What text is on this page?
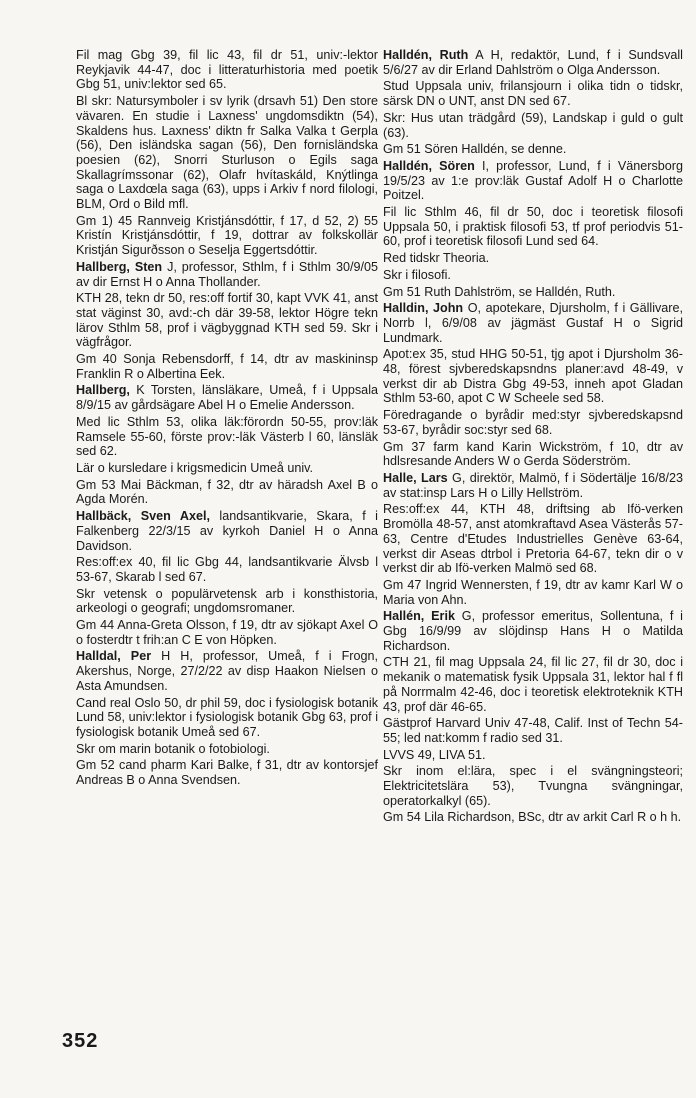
Fil mag Gbg 39, fil lic 43, fil dr 51, univ:-lektor Reykjavik 44-47, doc i litteraturhistoria med poetik Gbg 51, univ:lektor sed 65.

Bl skr: Natursymboler i sv lyrik (drsavh 51) Den store vävaren. En studie i Laxness' ungdomsdiktn (54), Skaldens hus. Laxness' diktn fr Salka Valka t Gerpla (56), Den isländska sagan (56), Den fornisländska poesien (62), Snorri Sturluson o Egils saga Skallagrímssonar (62), Olafr hvítaskáld, Knýtlinga saga o Laxdœla saga (63), upps i Arkiv f nord filologi, BLM, Ord o Bild mfl.

Gm 1) 45 Rannveig Kristjánsdóttir, f 17, d 52, 2) 55 Kristín Kristjánsdóttir, f 19, dottrar av folkskollär Kristján Sigurðsson o Seselja Eggertsdóttir.

Hallberg, Sten J, professor, Sthlm, f i Sthlm 30/9/05 av dir Ernst H o Anna Thollander.

KTH 28, tekn dr 50, res:off fortif 30, kapt VVK 41, anst stat väginst 30, avd:-ch där 39-58, lektor Högre tekn lärov Sthlm 58, prof i vägbyggnad KTH sed 59. Skr i vägfrågor.

Gm 40 Sonja Rebensdorff, f 14, dtr av maskininsp Franklin R o Albertina Eek.

Hallberg, K Torsten, länsläkare, Umeå, f i Uppsala 8/9/15 av gårdsägare Abel H o Emelie Andersson.

Med lic Sthlm 53, olika läk:förordn 50-55, prov:läk Ramsele 55-60, förste prov:-läk Västerb l 60, länsläk sed 62.

Lär o kursledare i krigsmedicin Umeå univ.

Gm 53 Mai Bäckman, f 32, dtr av häradsh Axel B o Agda Morén.

Hallbäck, Sven Axel, landsantikvarie, Skara, f i Falkenberg 22/3/15 av kyrkoh Daniel H o Anna Davidson.

Res:off:ex 40, fil lic Gbg 44, landsantikvarie Älvsb l 53-67, Skarab l sed 67.

Skr vetensk o populärvetensk arb i konsthistoria, arkeologi o geografi; ungdomsromaner.

Gm 44 Anna-Greta Olsson, f 19, dtr av sjökapt Axel O o fosterdtr t frih:an C E von Höpken.

Halldal, Per H H, professor, Umeå, f i Frogn, Akershus, Norge, 27/2/22 av disp Haakon Nielsen o Asta Amundsen.

Cand real Oslo 50, dr phil 59, doc i fysiologisk botanik Lund 58, univ:lektor i fysiologisk botanik Gbg 63, prof i fysiologisk botanik Umeå sed 67.

Skr om marin botanik o fotobiologi.

Gm 52 cand pharm Kari Balke, f 31, dtr av kontorsjef Andreas B o Anna Svendsen.

Halldén, Ruth A H, redaktör, Lund, f i Sundsvall 5/6/27 av dir Erland Dahlström o Olga Andersson.

Stud Uppsala univ, frilansjourn i olika tidn o tidskr, särsk DN o UNT, anst DN sed 67.

Skr: Hus utan trädgård (59), Landskap i guld o gult (63).

Gm 51 Sören Halldén, se denne.

Halldén, Sören I, professor, Lund, f i Vänersborg 19/5/23 av 1:e prov:läk Gustaf Adolf H o Charlotte Poitzel.

Fil lic Sthlm 46, fil dr 50, doc i teoretisk filosofi Uppsala 50, i praktisk filosofi 53, tf prof periodvis 51-60, prof i teoretisk filosofi Lund sed 64.

Red tidskr Theoria.

Skr i filosofi.

Gm 51 Ruth Dahlström, se Halldén, Ruth.

Halldin, John O, apotekare, Djursholm, f i Gällivare, Norrb l, 6/9/08 av jägmäst Gustaf H o Sigrid Lundmark.

Apot:ex 35, stud HHG 50-51, tjg apot i Djursholm 36-48, förest sjvberedskapsndns planer:avd 48-49, v verkst dir ab Distra Gbg 49-53, inneh apot Gladan Sthlm 53-60, apot C W Scheele sed 58.

Föredragande o byrådir med:styr sjvberedskapsnd 53-67, byrådir soc:styr sed 68.

Gm 37 farm kand Karin Wickström, f 10, dtr av hdlsresande Anders W o Gerda Söderström.

Halle, Lars G, direktör, Malmö, f i Södertälje 16/8/23 av stat:insp Lars H o Lilly Hellström.

Res:off:ex 44, KTH 48, driftsing ab Ifö-verken Bromölla 48-57, anst atomkraftavd Asea Västerås 57-63, Centre d'Etudes Industrielles Genève 63-64, verkst dir Aseas dtrbol i Pretoria 64-67, tekn dir o v verkst dir ab Ifö-verken Malmö sed 68.

Gm 47 Ingrid Wennersten, f 19, dtr av kamr Karl W o Maria von Ahn.

Hallén, Erik G, professor emeritus, Sollentuna, f i Gbg 16/9/99 av slöjdinsp Hans H o Matilda Richardson.

CTH 21, fil mag Uppsala 24, fil lic 27, fil dr 30, doc i mekanik o matematisk fysik Uppsala 31, lektor hal f fl på Norrmalm 42-46, doc i teoretisk elektroteknik KTH 43, prof där 46-65.

Gästprof Harvard Univ 47-48, Calif. Inst of Techn 54-55; led nat:komm f radio sed 31.

LVVS 49, LIVA 51.

Skr inom el:lära, spec i el svängningsteori; Elektricitetslära 53), Tvungna svängningar, operatorkalkyl (65).

Gm 54 Lila Richardson, BSc, dtr av arkit Carl R o h h.

352
